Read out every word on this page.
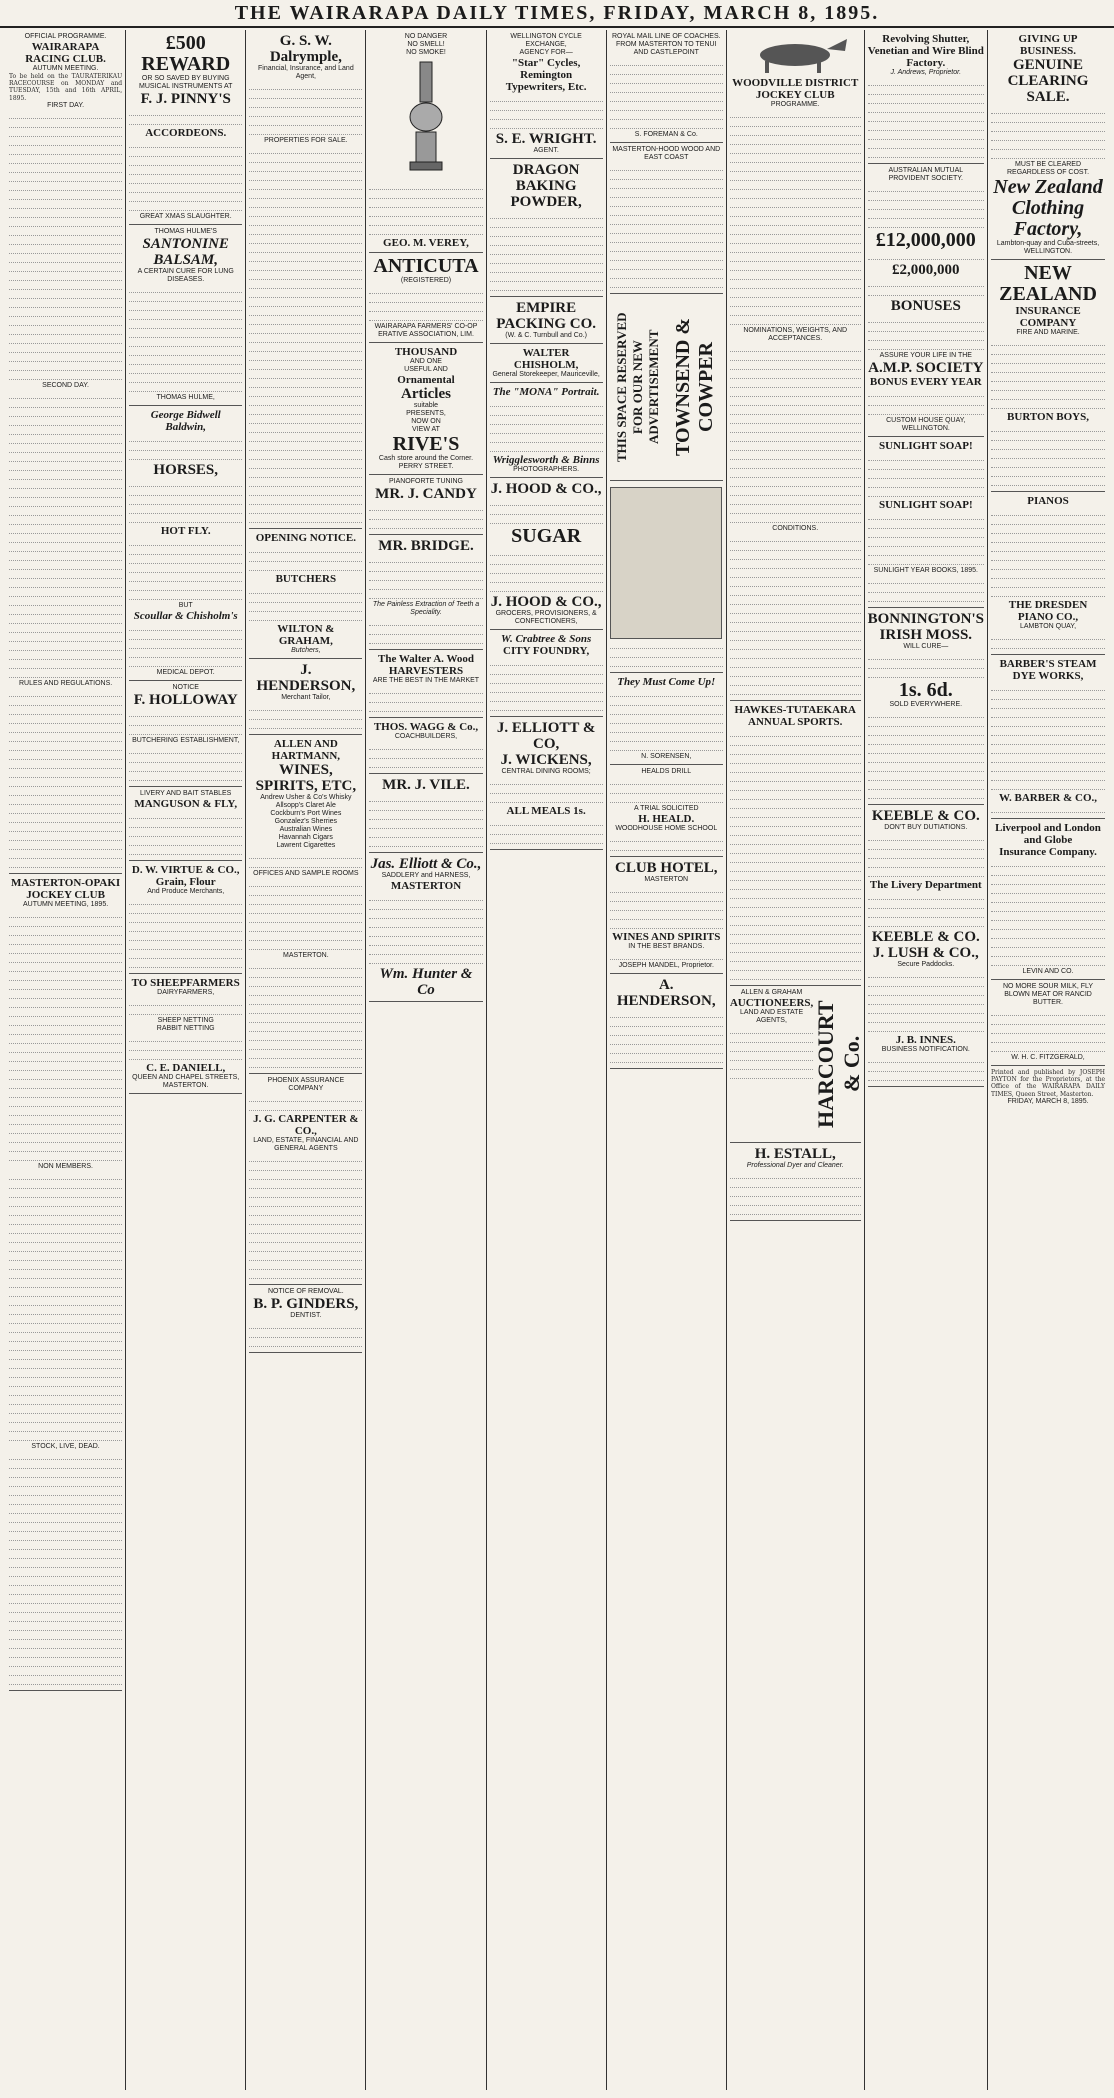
THE WAIRARAPA DAILY TIMES, FRIDAY, MARCH 8, 1895.
OFFICIAL PROGRAMME.
WAIRARAPA RACING CLUB.
AUTUMN MEETING.
To be held on the TAURATERIKAU RACECOURSE on MONDAY and TUESDAY, 15th and 16th APRIL, 1895.
FIRST DAY.
SECOND DAY.
RULES AND REGULATIONS.
MASTERTON-OPAKI JOCKEY CLUB
AUTUMN MEETING, 1895.
NON MEMBERS.
STOCK, LIVE, DEAD.
£500 REWARD
OR SO SAVED BY BUYING MUSICAL INSTRUMENTS AT
F. J. PINNY'S
ACCORDEONS.
GREAT XMAS SLAUGHTER.
THOMAS HULME'S
SANTONINE BALSAM,
A CERTAIN CURE FOR LUNG DISEASES.
THOMAS HULME,
George Bidwell Baldwin,
HORSES,
HOT FLY.
BUT
Scoullar & Chisholm's
MEDICAL DEPOT.
NOTICE
F. HOLLOWAY
BUTCHERING ESTABLISHMENT,
LIVERY AND BAIT STABLES
MANGUSON & FLY,
D. W. VIRTUE & CO.,
Grain, Flour
And Produce Merchants,
TO SHEEPFARMERS
DAIRYFARMERS,
SHEEP NETTING
RABBIT NETTING
C. E. DANIELL,
QUEEN AND CHAPEL STREETS, MASTERTON.
G. S. W. Dalrymple,
Financial, Insurance, and Land Agent,
PROPERTIES FOR SALE.
OPENING NOTICE.
BUTCHERS
WILTON & GRAHAM,
Butchers,
J. HENDERSON,
Merchant Tailor,
ALLEN AND HARTMANN,
WINES, SPIRITS, ETC,
Andrew Usher & Co's Whisky
Allsopp's Claret Ale
Cockburn's Port Wines
Gonzalez's Sherries
Australian Wines
Havannah Cigars
Lawrent Cigarettes
OFFICES AND SAMPLE ROOMS
MASTERTON.
PHOENIX ASSURANCE COMPANY
J. G. CARPENTER & CO.,
LAND, ESTATE, FINANCIAL AND GENERAL AGENTS
NOTICE OF REMOVAL.
B. P. GINDERS,
DENTIST.
NO DANGER
NO SMELL!
NO SMOKE!
GEO. M. VEREY,
ANTICUTA
(REGISTERED)
WAIRARAPA FARMERS' CO-OP ERATIVE ASSOCIATION, LIM.
THOUSAND
AND ONE
USEFUL AND
Ornamental
Articles
suitable
PRESENTS,
NOW ON
VIEW AT
RIVE'S
Cash store around the Corner.
PERRY STREET.
PIANOFORTE TUNING
MR. J. CANDY
MR. BRIDGE.
The Painless Extraction of Teeth a Speciality.
The Walter A. Wood HARVESTERS
ARE THE BEST IN THE MARKET
THOS. WAGG & Co.,
COACHBUILDERS,
MR. J. VILE.
Jas. Elliott & Co.,
SADDLERY and HARNESS,
MASTERTON
Wm. Hunter & Co
WELLINGTON CYCLE EXCHANGE,
AGENCY FOR—
"Star" Cycles, Remington Typewriters, Etc.
S. E. WRIGHT.
AGENT.
DRAGON BAKING POWDER,
EMPIRE PACKING CO.
(W. & C. Turnbull and Co.)
WALTER CHISHOLM,
General Storekeeper, Mauriceville,
The "MONA" Portrait.
Wrigglesworth & Binns
PHOTOGRAPHERS.
J. HOOD & CO.,
SUGAR
J. HOOD & CO.,
GROCERS, PROVISIONERS, & CONFECTIONERS,
W. Crabtree & Sons
CITY FOUNDRY,
J. ELLIOTT & CO,
J. WICKENS,
CENTRAL DINING ROOMS;
ALL MEALS 1s.
ROYAL MAIL LINE OF COACHES.
FROM MASTERTON TO TENUI AND CASTLEPOINT
S. FOREMAN & Co.
MASTERTON-HOOD WOOD AND EAST COAST
THIS SPACE RESERVED FOR OUR NEW ADVERTISEMENT TOWNSEND & COWPER
They Must Come Up!
N. SORENSEN,
HEALDS DRILL
A TRIAL SOLICITED
H. HEALD.
WOODHOUSE HOME SCHOOL
CLUB HOTEL,
MASTERTON
WINES AND SPIRITS
IN THE BEST BRANDS.
JOSEPH MANDEL, Proprietor.
A. HENDERSON,
WOODVILLE DISTRICT JOCKEY CLUB
PROGRAMME.
NOMINATIONS, WEIGHTS, AND ACCEPTANCES.
CONDITIONS.
HAWKES-TUTAEKARA ANNUAL SPORTS.
ALLEN & GRAHAM
AUCTIONEERS,
LAND AND ESTATE AGENTS,	HARCOURT & Co.
H. ESTALL,
Professional Dyer and Cleaner.
Revolving Shutter, Venetian and Wire Blind Factory.
J. Andrews, Proprietor.
AUSTRALIAN MUTUAL PROVIDENT SOCIETY.
£12,000,000
£2,000,000
BONUSES
ASSURE YOUR LIFE IN THE
A.M.P. SOCIETY
BONUS EVERY YEAR
CUSTOM HOUSE QUAY, WELLINGTON.
SUNLIGHT SOAP!
SUNLIGHT SOAP!
SUNLIGHT YEAR BOOKS, 1895.
BONNINGTON'S IRISH MOSS.
WILL CURE—
1s. 6d.
SOLD EVERYWHERE.
KEEBLE & CO.
DON'T BUY DUTIATIONS.
The Livery Department
KEEBLE & CO.
J. LUSH & CO.,
Secure Paddocks.
J. B. INNES.
BUSINESS NOTIFICATION.
GIVING UP BUSINESS.
GENUINE CLEARING SALE.
MUST BE CLEARED REGARDLESS OF COST.
New Zealand Clothing Factory,
Lambton-quay and Cuba-streets, WELLINGTON.
NEW ZEALAND
INSURANCE COMPANY
FIRE AND MARINE.
BURTON BOYS,
PIANOS
THE DRESDEN PIANO CO.,
LAMBTON QUAY,
BARBER'S STEAM DYE WORKS,
W. BARBER & CO.,
Liverpool and London and Globe
Insurance Company.
LEVIN AND CO.
NO MORE SOUR MILK, FLY BLOWN MEAT OR RANCID BUTTER.
W. H. C. FITZGERALD,
Printed and published by JOSEPH PAYTON for the Proprietors, at the Office of the WAIRARAPA DAILY TIMES, Queen Street, Masterton.
FRIDAY, MARCH 8, 1895.
